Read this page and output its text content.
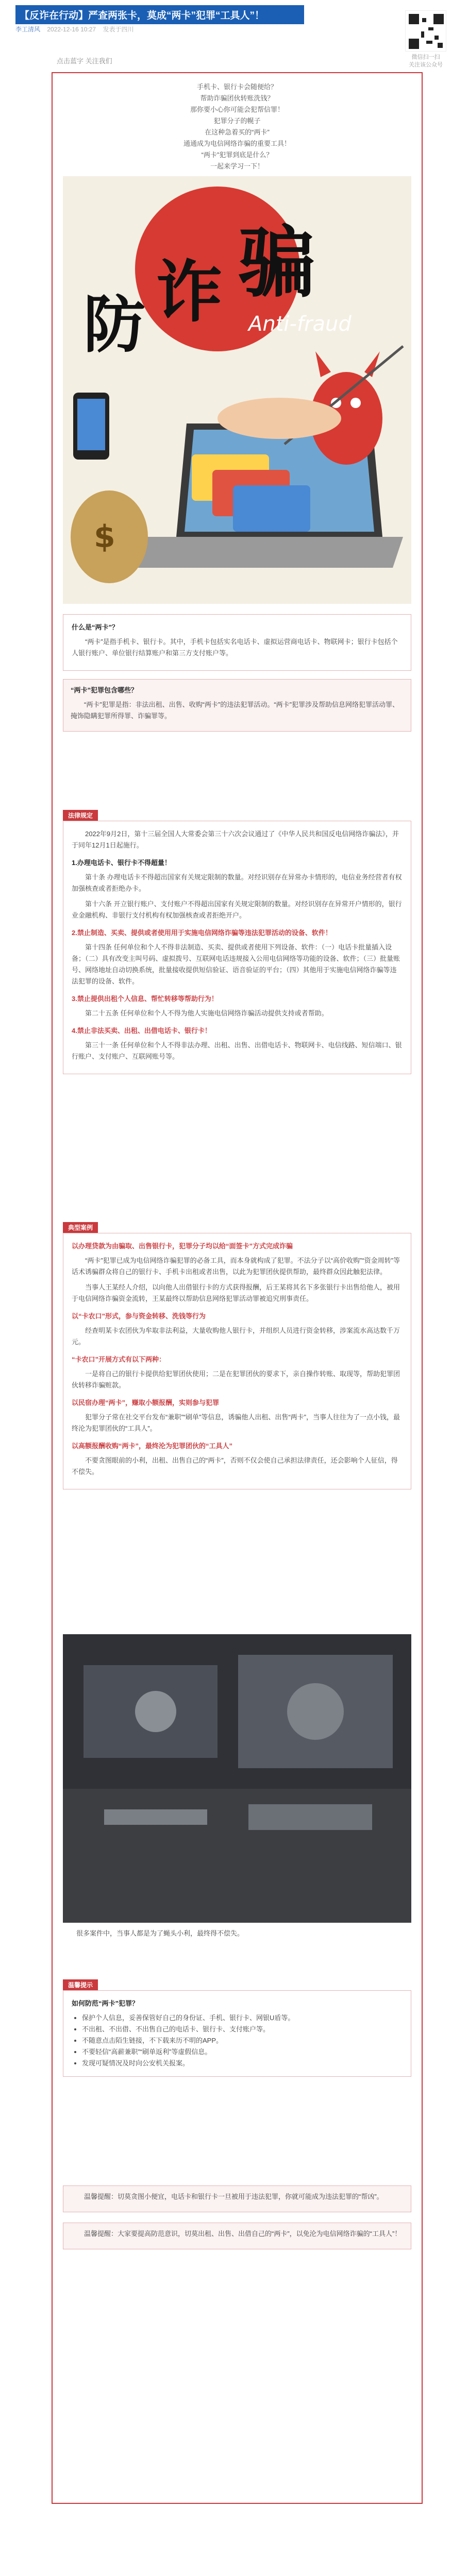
【反诈在行动】严查两张卡，莫成“两卡”犯罪“工具人”！
李工清风 2022-12-16 10:27 发表于四川
微信扫一扫
关注该公众号
点击蓝字 关注我们

手机卡、银行卡会随便给？

帮助诈骗团伙转账洗钱？

那你要小心你可能会犯帮信罪！

犯罪分子的幌子

在这种急着买的“两卡”

通通成为电信网络诈骗的重要工具！

“两卡”犯罪到底是什么？

一起来学习一下！

防 诈 骗
Anti-fraud
$
什么是“两卡”？
“两卡”是指手机卡、银行卡。其中，手机卡包括实名电话卡、虚拟运营商电话卡、物联网卡；银行卡包括个人银行账户、单位银行结算账户和第三方支付账户等。
“两卡”犯罪包含哪些？
“两卡”犯罪是指：非法出租、出售、收购“两卡”的违法犯罪活动。“两卡”犯罪涉及帮助信息网络犯罪活动罪、掩饰隐瞒犯罪所得罪、诈骗罪等。
法律规定
2022年9月2日，第十三届全国人大常委会第三十六次会议通过了《中华人民共和国反电信网络诈骗法》，并于同年12月1日起施行。
1.办理电话卡、银行卡不得超量！
第十条 办理电话卡不得超出国家有关规定限制的数量。对经识别存在异常办卡情形的，电信业务经营者有权加强核查或者拒绝办卡。
第十六条 开立银行账户、支付账户不得超出国家有关规定限制的数量。对经识别存在异常开户情形的，银行业金融机构、非银行支付机构有权加强核查或者拒绝开户。
2.禁止制造、买卖、提供或者使用用于实施电信网络诈骗等违法犯罪活动的设备、软件！
第十四条 任何单位和个人不得非法制造、买卖、提供或者使用下列设备、软件：（一）电话卡批量插入设备；（二）具有改变主叫号码、虚拟拨号、互联网电话违规接入公用电信网络等功能的设备、软件；（三）批量账号、网络地址自动切换系统，批量接收提供短信验证、语音验证的平台；（四）其他用于实施电信网络诈骗等违法犯罪的设备、软件。
3.禁止提供出租个人信息、帮忙转移等帮助行为！
第二十五条 任何单位和个人不得为他人实施电信网络诈骗活动提供支持或者帮助。
4.禁止非法买卖、出租、出借电话卡、银行卡！
第三十一条 任何单位和个人不得非法办理、出租、出售、出借电话卡、物联网卡、电信线路、短信端口、银行账户、支付账户、互联网账号等。
典型案例
以办理贷款为由骗取、出售银行卡，犯罪分子均以给“面签卡”方式完成诈骗
“两卡”犯罪已成为电信网络诈骗犯罪的必备工具，而本身就构成了犯罪。不法分子以“高价收购”“资金周转”等话术诱骗群众将自己的银行卡、手机卡出租或者出售，以此为犯罪团伙提供帮助，最终群众因此触犯法律。
当事人王某经人介绍，以向他人出借银行卡的方式获得报酬，后王某将其名下多张银行卡出售给他人，被用于电信网络诈骗资金流转，王某最终以帮助信息网络犯罪活动罪被追究刑事责任。
以“卡农口”形式，参与资金转移、洗钱等行为
经查明某卡农团伙为牟取非法利益，大量收购他人银行卡，并组织人员进行资金转移，涉案流水高达数千万元。
“卡农口”开展方式有以下两种：
一是将自己的银行卡提供给犯罪团伙使用；二是在犯罪团伙的要求下，亲自操作转账、取现等，帮助犯罪团伙转移诈骗赃款。
以民宿办理“两卡”，赚取小额报酬，实则参与犯罪
犯罪分子常在社交平台发布“兼职”“刷单”等信息，诱骗他人出租、出售“两卡”，当事人往往为了一点小钱，最终沦为犯罪团伙的“工具人”。
以高额报酬收购“两卡”，最终沦为犯罪团伙的“工具人”
不要贪图眼前的小利，出租、出售自己的“两卡”，否则不仅会使自己承担法律责任，还会影响个人征信，得不偿失。
很多案件中，当事人都是为了蝇头小利，最终得不偿失。
温馨提示
如何防范“两卡”犯罪？
• 保护个人信息，妥善保管好自己的身份证、手机、银行卡、网银U盾等。
• 不出租、不出借、不出售自己的电话卡、银行卡、支付账户等。
• 不随意点击陌生链接，不下载来历不明的APP。
• 不要轻信“高薪兼职”“刷单返利”等虚假信息。
• 发现可疑情况及时向公安机关报案。
温馨提醒：切莫贪图小便宜，电话卡和银行卡一旦被用于违法犯罪，你就可能成为违法犯罪的“帮凶”。
温馨提醒：大家要提高防范意识，切莫出租、出售、出借自己的“两卡”，以免沦为电信网络诈骗的“工具人”！
